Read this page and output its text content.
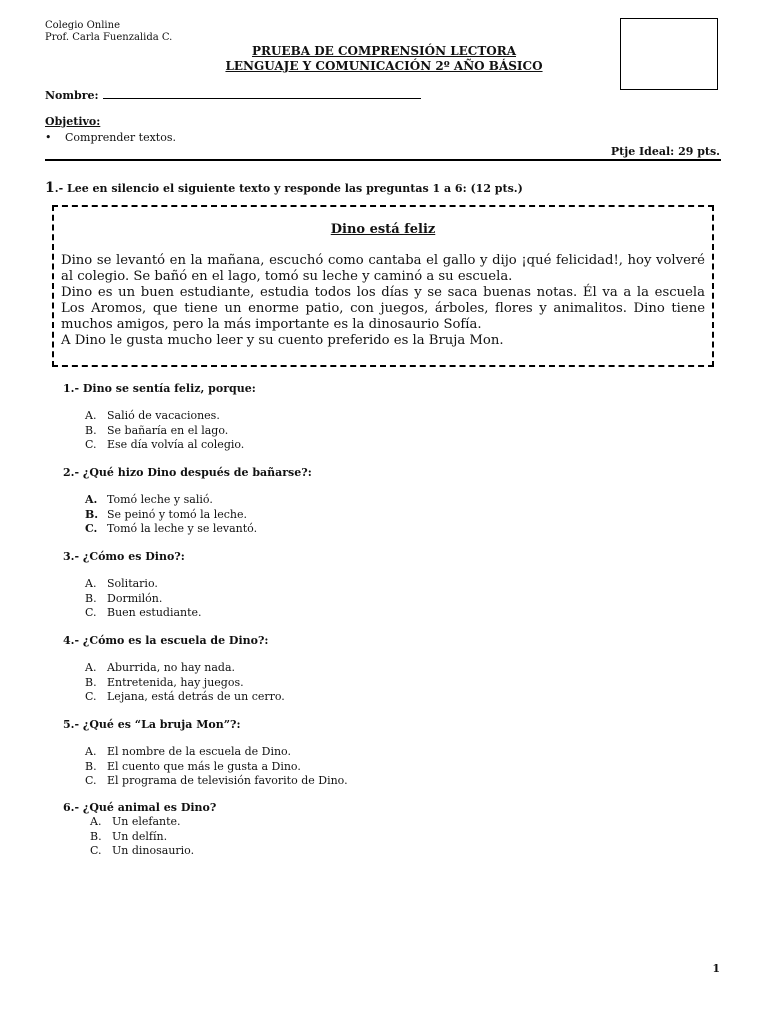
Colegio Online
Prof. Carla Fuenzalida C.
PRUEBA DE COMPRENSIÓN LECTORA
LENGUAJE Y COMUNICACIÓN 2º AÑO BÁSICO
Nombre:
Objetivo:
• Comprender textos.
Ptje Ideal: 29 pts.
1.- Lee en silencio el siguiente texto y responde las preguntas 1 a 6: (12 pts.)
Dino está feliz

Dino se levantó en la mañana, escuchó como cantaba el gallo y dijo ¡qué felicidad!, hoy volveré al colegio. Se bañó en el lago, tomó su leche y caminó a su escuela.

Dino es un buen estudiante, estudia todos los días y se saca buenas notas. Él va a la escuela Los Aromos, que tiene un enorme patio, con juegos, árboles, flores y animalitos. Dino tiene muchos amigos, pero la más importante es la dinosaurio Sofía.

A Dino le gusta mucho leer y su cuento preferido es la Bruja Mon.

1.- Dino se sentía feliz, porque:
A. Salió de vacaciones.
B. Se bañaría en el lago.
C. Ese día volvía al colegio.
2.- ¿Qué hizo Dino después de bañarse?:
A. Tomó leche y salió.
B. Se peinó y tomó la leche.
C. Tomó la leche y se levantó.
3.- ¿Cómo es Dino?:
A. Solitario.
B. Dormilón.
C. Buen estudiante.
4.- ¿Cómo es la escuela de Dino?:
A. Aburrida, no hay nada.
B. Entretenida, hay juegos.
C. Lejana, está detrás de un cerro.
5.- ¿Qué es “La bruja Mon”?:
A. El nombre de la escuela de Dino.
B. El cuento que más le gusta a Dino.
C. El programa de televisión favorito de Dino.
6.- ¿Qué animal es Dino?
A. Un elefante.
B. Un delfín.
C. Un dinosaurio.
1
